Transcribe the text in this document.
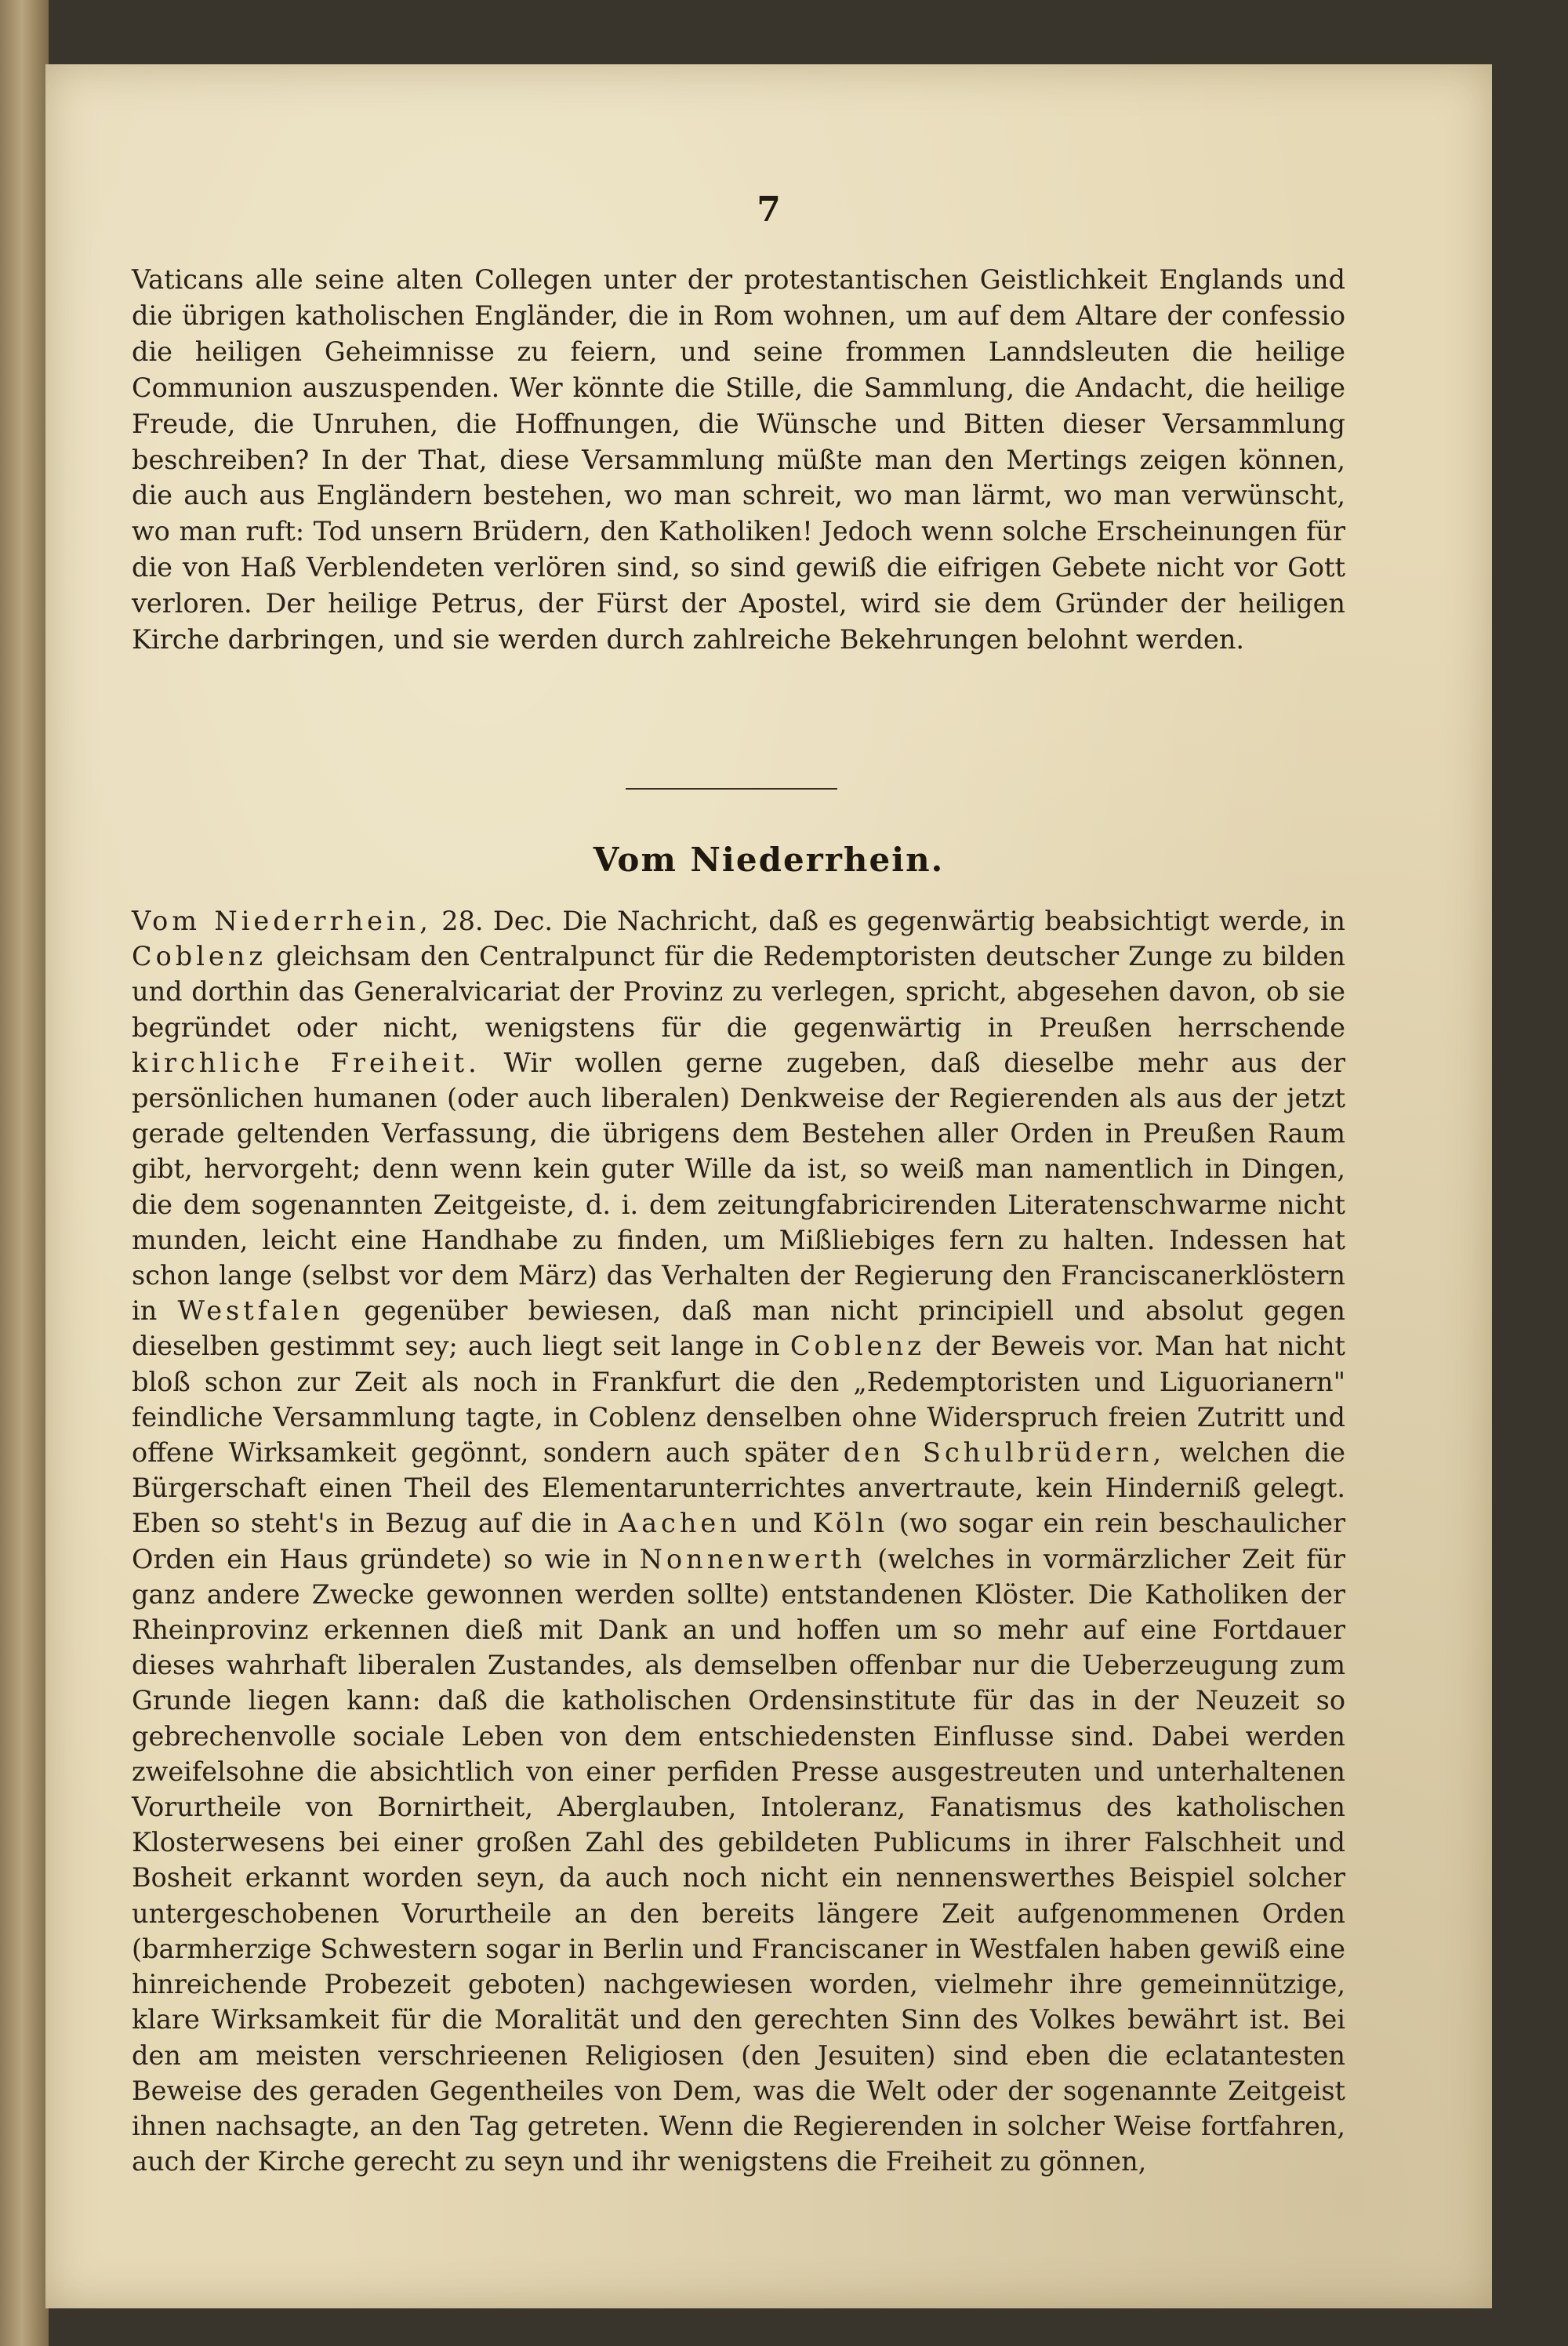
7

Vaticans alle seine alten Collegen unter der protestantischen Geistlichkeit Englands und die übrigen katholischen Engländer, die in Rom wohnen, um auf dem Altare der confessio die heiligen Geheimnisse zu feiern, und seine frommen Lanndsleuten die heilige Communion auszuspenden. Wer könnte die Stille, die Sammlung, die Andacht, die heilige Freude, die Unruhen, die Hoffnungen, die Wünsche und Bitten dieser Versammlung beschreiben? In der That, diese Versammlung müßte man den Mertings zeigen können, die auch aus Engländern bestehen, wo man schreit, wo man lärmt, wo man verwünscht, wo man ruft: Tod unsern Brüdern, den Katholiken! Jedoch wenn solche Erscheinungen für die von Haß Verblendeten verlören sind, so sind gewiß die eifrigen Gebete nicht vor Gott verloren. Der heilige Petrus, der Fürst der Apostel, wird sie dem Gründer der heiligen Kirche darbringen, und sie werden durch zahlreiche Bekehrungen belohnt werden.

Vom Niederrhein.

Vom Niederrhein, 28. Dec. Die Nachricht, daß es gegenwärtig beabsichtigt werde, in Coblenz gleichsam den Centralpunct für die Redemptoristen deutscher Zunge zu bilden und dorthin das Generalvicariat der Provinz zu verlegen, spricht, abgesehen davon, ob sie begründet oder nicht, wenigstens für die gegenwärtig in Preußen herrschende kirchliche Freiheit. Wir wollen gerne zugeben, daß dieselbe mehr aus der persönlichen humanen (oder auch liberalen) Denkweise der Regierenden als aus der jetzt gerade geltenden Verfassung, die übrigens dem Bestehen aller Orden in Preußen Raum gibt, hervorgeht; denn wenn kein guter Wille da ist, so weiß man namentlich in Dingen, die dem sogenannten Zeitgeiste, d. i. dem zeitungfabricirenden Literatenschwarme nicht munden, leicht eine Handhabe zu finden, um Mißliebiges fern zu halten. Indessen hat schon lange (selbst vor dem März) das Verhalten der Regierung den Franciscanerklöstern in Westfalen gegenüber bewiesen, daß man nicht principiell und absolut gegen dieselben gestimmt sey; auch liegt seit lange in Coblenz der Beweis vor. Man hat nicht bloß schon zur Zeit als noch in Frankfurt die den „Redemptoristen und Liguorianern" feindliche Versammlung tagte, in Coblenz denselben ohne Widerspruch freien Zutritt und offene Wirksamkeit gegönnt, sondern auch später den Schulbrüdern, welchen die Bürgerschaft einen Theil des Elementarunterrichtes anvertraute, kein Hinderniß gelegt. Eben so steht's in Bezug auf die in Aachen und Köln (wo sogar ein rein beschaulicher Orden ein Haus gründete) so wie in Nonnenwerth (welches in vormärzlicher Zeit für ganz andere Zwecke gewonnen werden sollte) entstandenen Klöster. Die Katholiken der Rheinprovinz erkennen dieß mit Dank an und hoffen um so mehr auf eine Fortdauer dieses wahrhaft liberalen Zustandes, als demselben offenbar nur die Ueberzeugung zum Grunde liegen kann: daß die katholischen Ordensinstitute für das in der Neuzeit so gebrechenvolle sociale Leben von dem entschiedensten Einflusse sind. Dabei werden zweifelsohne die absichtlich von einer perfiden Presse ausgestreuten und unterhaltenen Vorurtheile von Bornirtheit, Aberglauben, Intoleranz, Fanatismus des katholischen Klosterwesens bei einer großen Zahl des gebildeten Publicums in ihrer Falschheit und Bosheit erkannt worden seyn, da auch noch nicht ein nennenswerthes Beispiel solcher untergeschobenen Vorurtheile an den bereits längere Zeit aufgenommenen Orden (barmherzige Schwestern sogar in Berlin und Franciscaner in Westfalen haben gewiß eine hinreichende Probezeit geboten) nachgewiesen worden, vielmehr ihre gemeinnützige, klare Wirksamkeit für die Moralität und den gerechten Sinn des Volkes bewährt ist. Bei den am meisten verschrieenen Religiosen (den Jesuiten) sind eben die eclatantesten Beweise des geraden Gegentheiles von Dem, was die Welt oder der sogenannte Zeitgeist ihnen nachsagte, an den Tag getreten. Wenn die Regierenden in solcher Weise fortfahren, auch der Kirche gerecht zu seyn und ihr wenigstens die Freiheit zu gönnen,
